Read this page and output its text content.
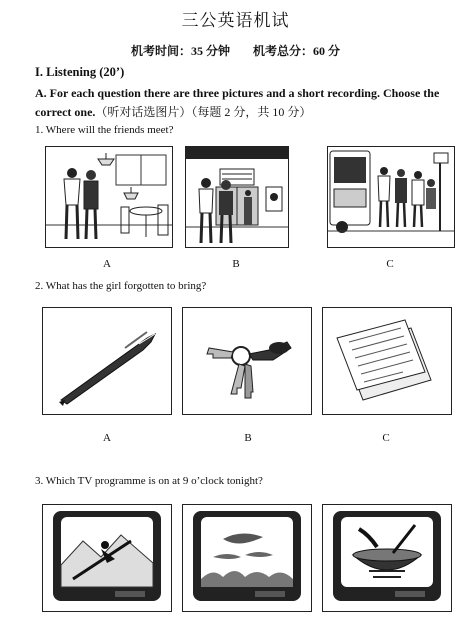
三公英语机试
机考时间：35 分钟 机考总分：60 分
I. Listening (20’)
A. For each question there are three pictures and a short recording. Choose the correct one.（听对话选图片）（每题 2 分，共 10 分）
1. Where will the friends meet?
A	B	C
2. What has the girl forgotten to bring?
A	B	C
3. Which TV programme is on at 9 o’clock tonight?
